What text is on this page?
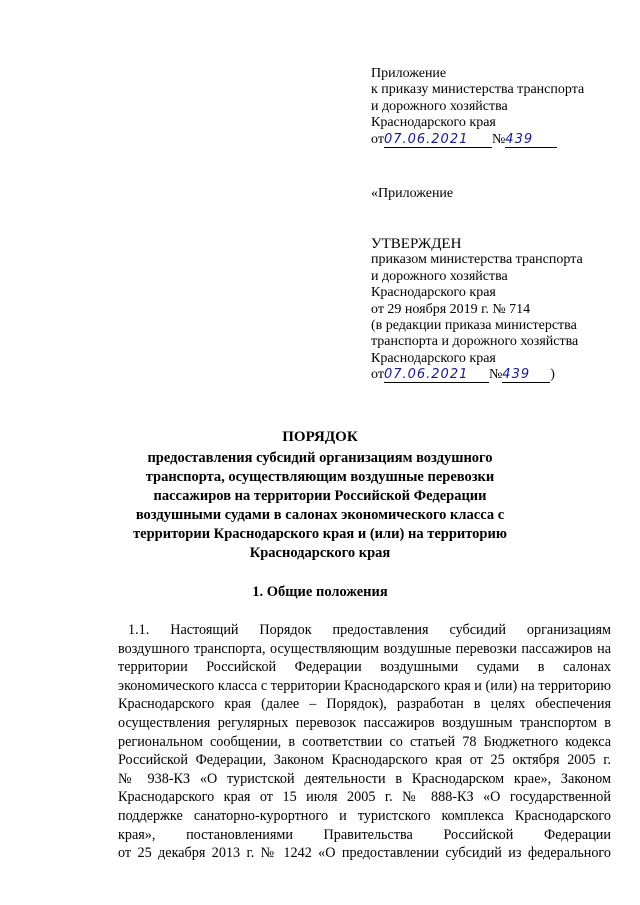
Приложение
к приказу министерства транспорта
и дорожного хозяйства
Краснодарского края
от07.06.2021 №439
«Приложение
УТВЕРЖДЕН
приказом министерства транспорта
и дорожного хозяйства
Краснодарского края
от 29 ноября 2019 г. № 714
(в редакции приказа министерства
транспорта и дорожного хозяйства
Краснодарского края
от07.06.2021 №439 )
ПОРЯДОК
предоставления субсидий организациям воздушного
транспорта, осуществляющим воздушные перевозки
пассажиров на территории Российской Федерации
воздушными судами в салонах экономического класса с
территории Краснодарского края и (или) на территорию
Краснодарского края
1. Общие положения
1.1. Настоящий Порядок предоставления субсидий организациям
воздушного транспорта, осуществляющим воздушные перевозки пассажиров на
территории Российской Федерации воздушными судами в салонах
экономического класса с территории Краснодарского края и (или) на территорию
Краснодарского края (далее – Порядок), разработан в целях обеспечения
осуществления регулярных перевозок пассажиров воздушным транспортом в
региональном сообщении, в соответствии со статьей 78 Бюджетного кодекса
Российской Федерации, Законом Краснодарского края от 25 октября 2005 г.
№ 938-КЗ «О туристской деятельности в Краснодарском крае», Законом
Краснодарского края от 15 июля 2005 г. № 888-КЗ «О государственной
поддержке санаторно-курортного и туристского комплекса Краснодарского
края», постановлениями Правительства Российской Федерации
от 25 декабря 2013 г. № 1242 «О предоставлении субсидий из федерального
